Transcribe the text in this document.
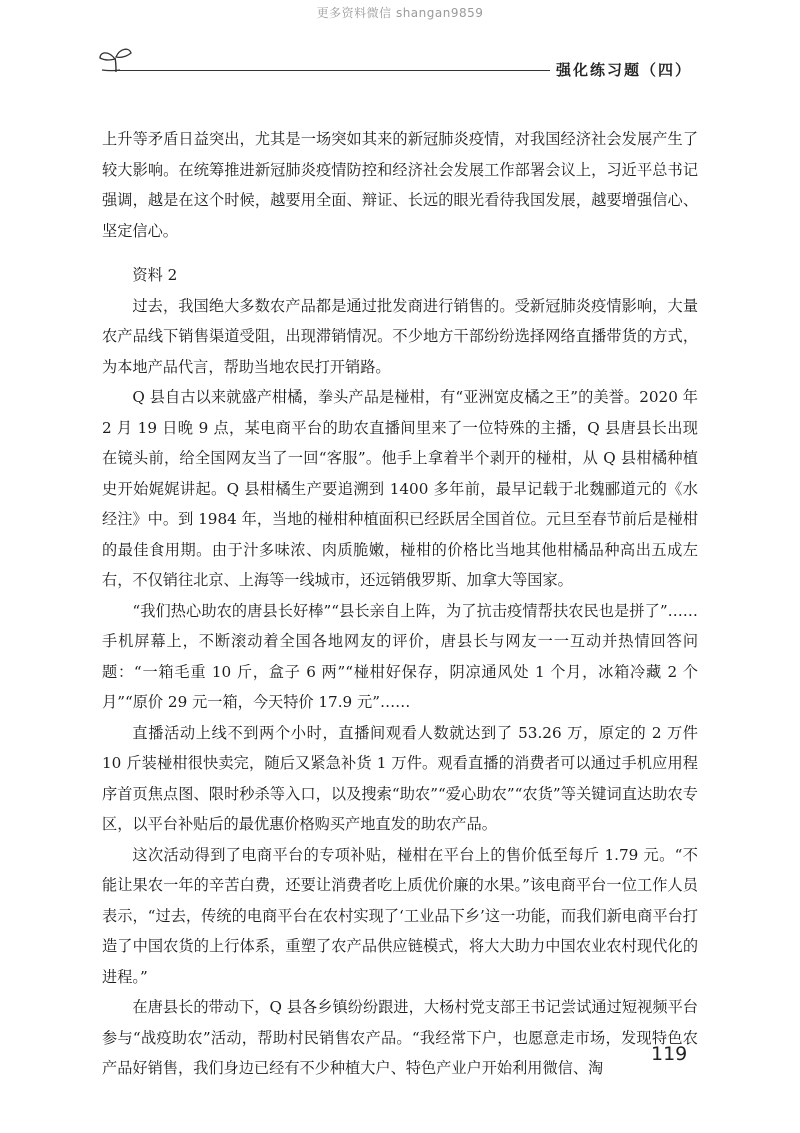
更多资料微信 shangan9859
强化练习题（四）

上升等矛盾日益突出，尤其是一场突如其来的新冠肺炎疫情，对我国经济社会发展产生了较大影响。在统筹推进新冠肺炎疫情防控和经济社会发展工作部署会议上，习近平总书记强调，越是在这个时候，越要用全面、辩证、长远的眼光看待我国发展，越要增强信心、坚定信心。

资料 2

过去，我国绝大多数农产品都是通过批发商进行销售的。受新冠肺炎疫情影响，大量农产品线下销售渠道受阻，出现滞销情况。不少地方干部纷纷选择网络直播带货的方式，为本地产品代言，帮助当地农民打开销路。

Q 县自古以来就盛产柑橘，拳头产品是椪柑，有“亚洲宽皮橘之王”的美誉。2020 年 2 月 19 日晚 9 点，某电商平台的助农直播间里来了一位特殊的主播，Q 县唐县长出现在镜头前，给全国网友当了一回“客服”。他手上拿着半个剥开的椪柑，从 Q 县柑橘种植史开始娓娓讲起。Q 县柑橘生产要追溯到 1400 多年前，最早记载于北魏郦道元的《水经注》中。到 1984 年，当地的椪柑种植面积已经跃居全国首位。元旦至春节前后是椪柑的最佳食用期。由于汁多味浓、肉质脆嫩，椪柑的价格比当地其他柑橘品种高出五成左右，不仅销往北京、上海等一线城市，还远销俄罗斯、加拿大等国家。

“我们热心助农的唐县长好棒”“县长亲自上阵，为了抗击疫情帮扶农民也是拼了”……手机屏幕上，不断滚动着全国各地网友的评价，唐县长与网友一一互动并热情回答问题：“一箱毛重 10 斤，盒子 6 两”“椪柑好保存，阴凉通风处 1 个月，冰箱冷藏 2 个月”“原价 29 元一箱，今天特价 17.9 元”……

直播活动上线不到两个小时，直播间观看人数就达到了 53.26 万，原定的 2 万件 10 斤装椪柑很快卖完，随后又紧急补货 1 万件。观看直播的消费者可以通过手机应用程序首页焦点图、限时秒杀等入口，以及搜索“助农”“爱心助农”“农货”等关键词直达助农专区，以平台补贴后的最优惠价格购买产地直发的助农产品。

这次活动得到了电商平台的专项补贴，椪柑在平台上的售价低至每斤 1.79 元。“不能让果农一年的辛苦白费，还要让消费者吃上质优价廉的水果。”该电商平台一位工作人员表示，“过去，传统的电商平台在农村实现了‘工业品下乡’这一功能，而我们新电商平台打造了中国农货的上行体系，重塑了农产品供应链模式，将大大助力中国农业农村现代化的进程。”

在唐县长的带动下，Q 县各乡镇纷纷跟进，大杨村党支部王书记尝试通过短视频平台参与“战疫助农”活动，帮助村民销售农产品。“我经常下户，也愿意走市场，发现特色农产品好销售，我们身边已经有不少种植大户、特色产业户开始利用微信、淘

119
